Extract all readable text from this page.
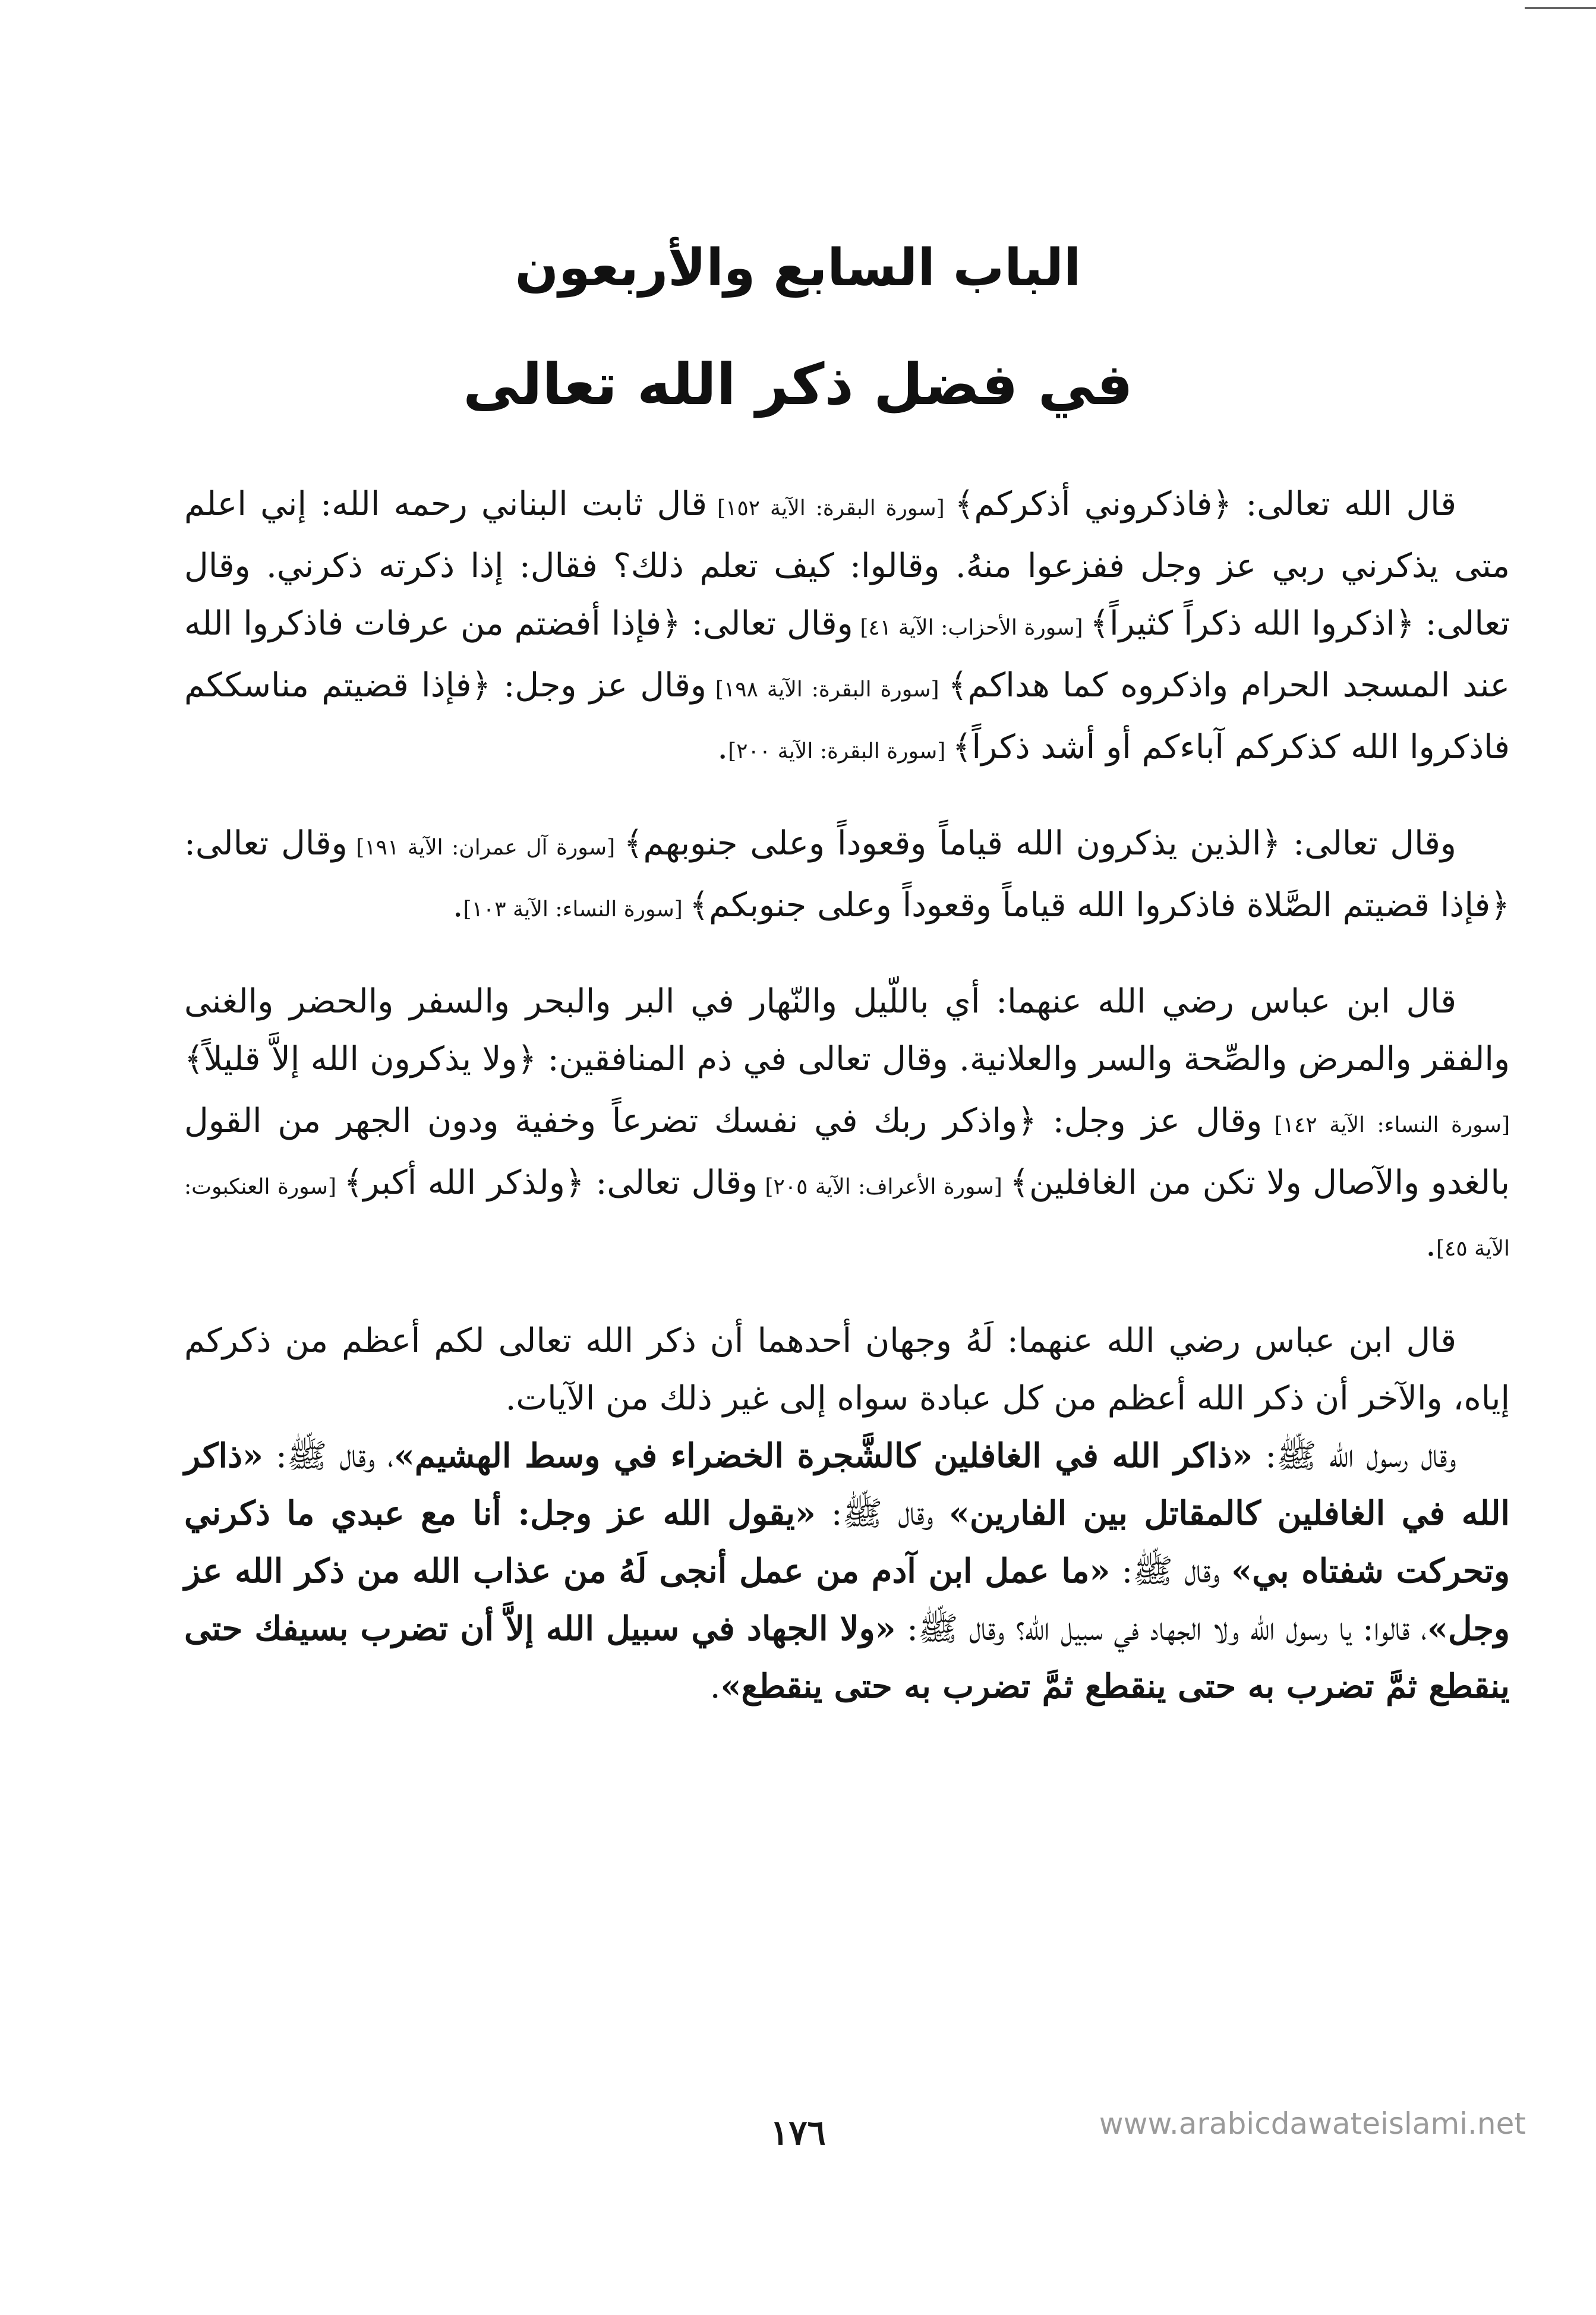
الباب السابع والأربعون
في فضل ذكر الله تعالى

قال الله تعالى: ﴿فاذكروني أذكركم﴾ [سورة البقرة: الآية ١٥٢] قال ثابت البناني رحمه الله: إني اعلم متى يذكرني ربي عز وجل ففزعوا منهُ. وقالوا: كيف تعلم ذلك؟ فقال: إذا ذكرته ذكرني. وقال تعالى: ﴿اذكروا الله ذكراً كثيراً﴾ [سورة الأحزاب: الآية ٤١] وقال تعالى: ﴿فإذا أفضتم من عرفات فاذكروا الله عند المسجد الحرام واذكروه كما هداكم﴾ [سورة البقرة: الآية ١٩٨] وقال عز وجل: ﴿فإذا قضيتم مناسككم فاذكروا الله كذكركم آباءكم أو أشد ذكراً﴾ [سورة البقرة: الآية ٢٠٠].

وقال تعالى: ﴿الذين يذكرون الله قياماً وقعوداً وعلى جنوبهم﴾ [سورة آل عمران: الآية ١٩١] وقال تعالى: ﴿فإذا قضيتم الصَّلاة فاذكروا الله قياماً وقعوداً وعلى جنوبكم﴾ [سورة النساء: الآية ١٠٣].

قال ابن عباس رضي الله عنهما: أي باللّيل والنّهار في البر والبحر والسفر والحضر والغنى والفقر والمرض والصِّحة والسر والعلانية. وقال تعالى في ذم المنافقين: ﴿ولا يذكرون الله إلاَّ قليلاً﴾ [سورة النساء: الآية ١٤٢] وقال عز وجل: ﴿واذكر ربك في نفسك تضرعاً وخفية ودون الجهر من القول بالغدو والآصال ولا تكن من الغافلين﴾ [سورة الأعراف: الآية ٢٠٥] وقال تعالى: ﴿ولذكر الله أكبر﴾ [سورة العنكبوت: الآية ٤٥].

قال ابن عباس رضي الله عنهما: لَهُ وجهان أحدهما أن ذكر الله تعالى لكم أعظم من ذكركم إياه، والآخر أن ذكر الله أعظم من كل عبادة سواه إلى غير ذلك من الآيات.

وقال رسول الله ﷺ: «ذاكر الله في الغافلين كالشَّجرة الخضراء في وسط الهشيم»، وقال ﷺ: «ذاكر الله في الغافلين كالمقاتل بين الفارين» وقال ﷺ: «يقول الله عز وجل: أنا مع عبدي ما ذكرني وتحركت شفتاه بي» وقال ﷺ: «ما عمل ابن آدم من عمل أنجى لَهُ من عذاب الله من ذكر الله عز وجل»، قالوا: يا رسول الله ولا الجهاد في سبيل الله؟ وقال ﷺ: «ولا الجهاد في سبيل الله إلاَّ أن تضرب بسيفك حتى ينقطع ثمَّ تضرب به حتى ينقطع ثمَّ تضرب به حتى ينقطع».

١٧٦	www.arabicdawateislami.net
